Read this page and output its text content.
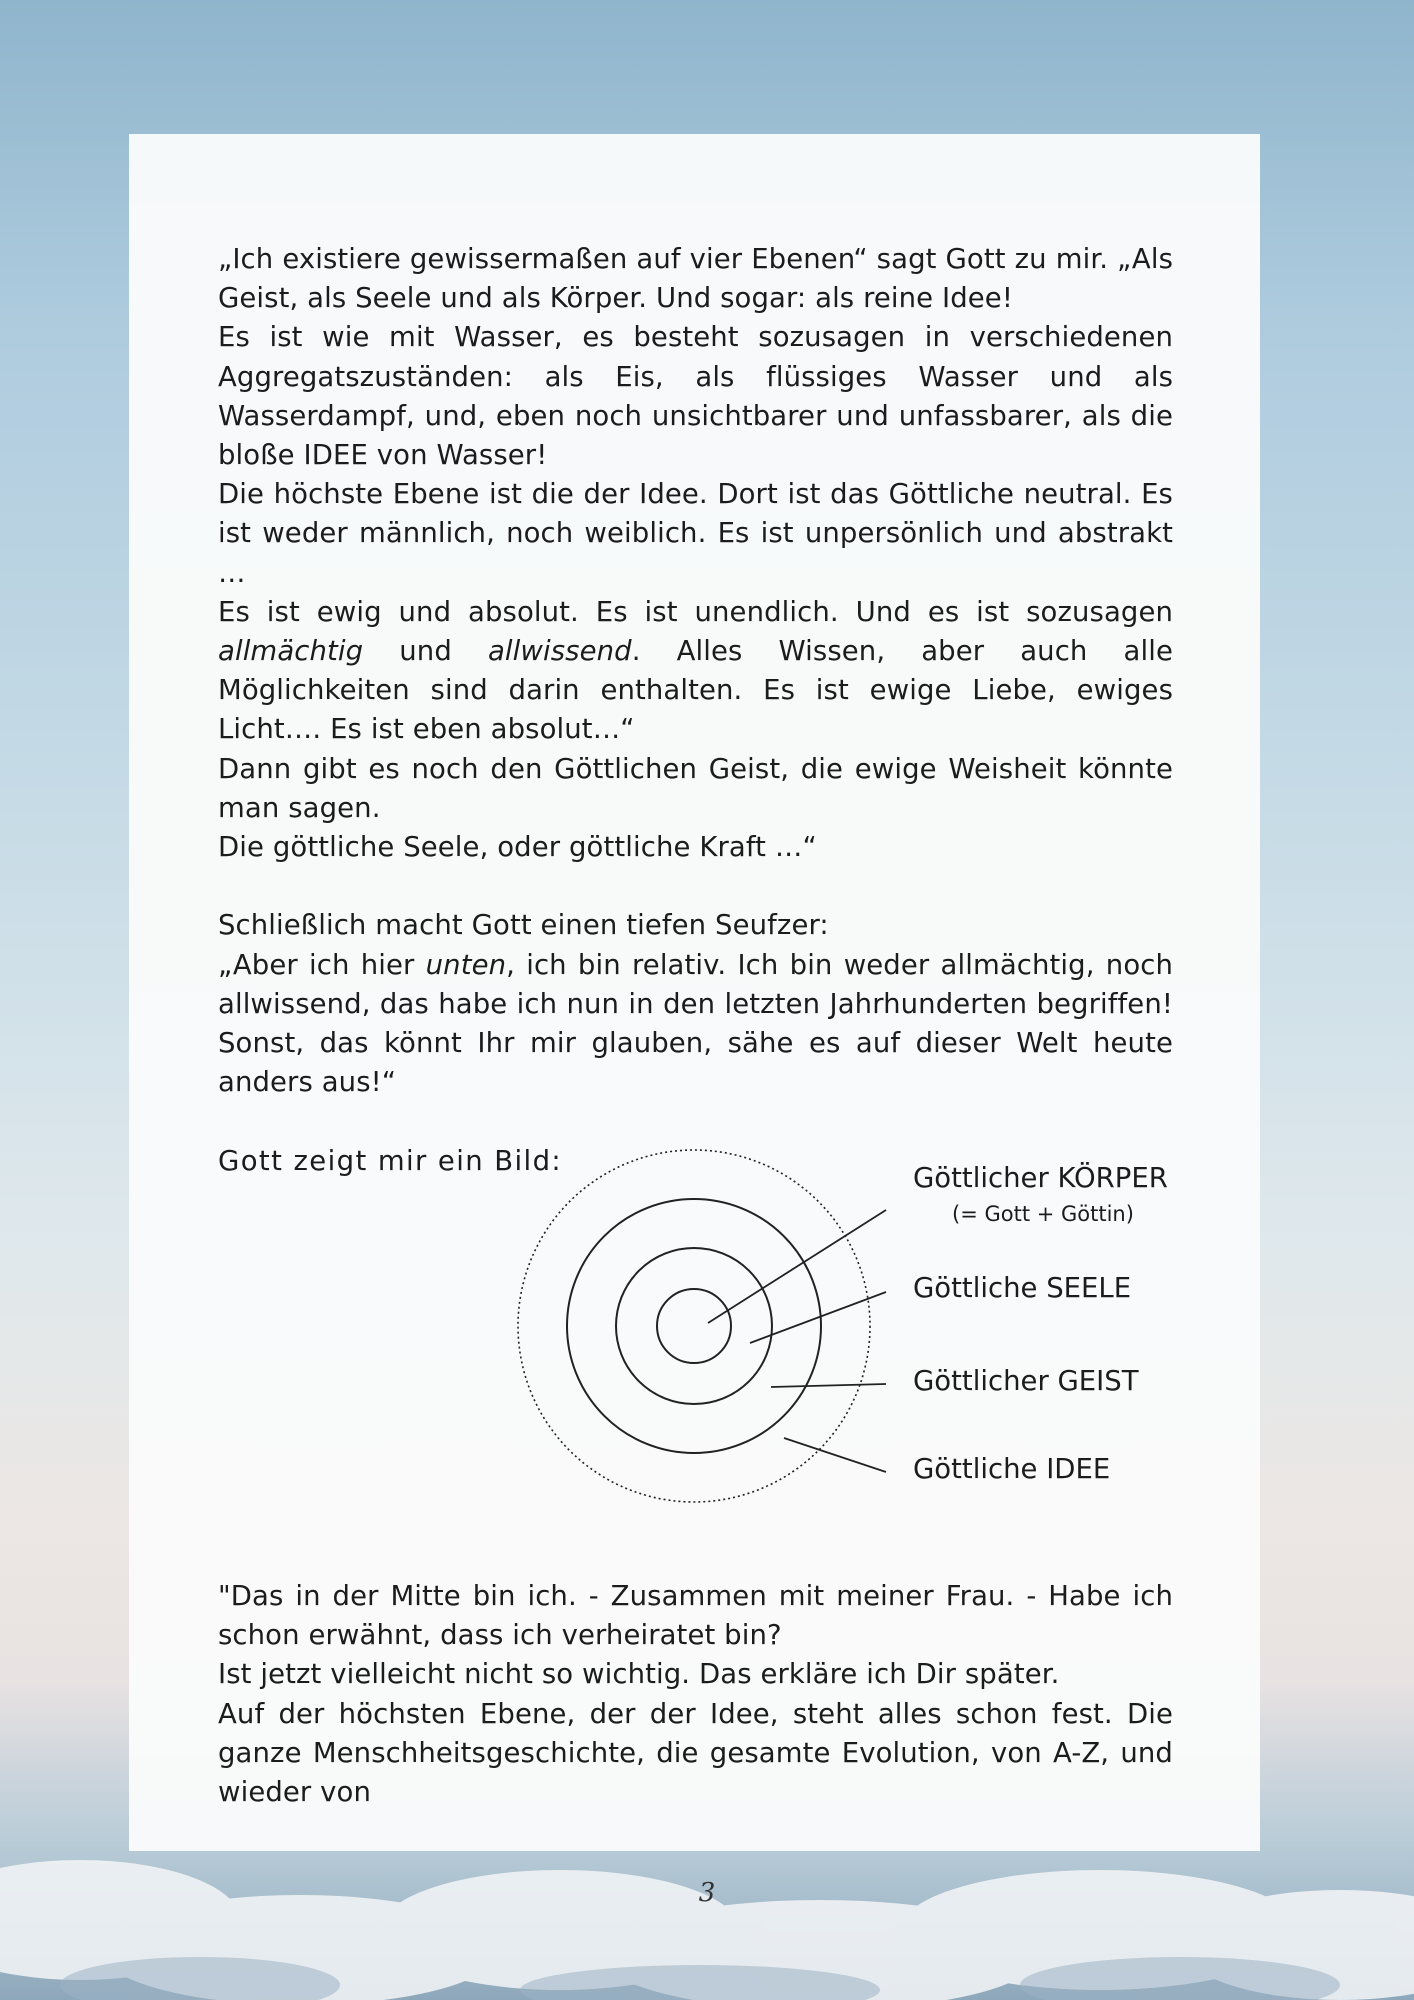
„Ich existiere gewissermaßen auf vier Ebenen“ sagt Gott zu mir. „Als Geist, als Seele und als Körper. Und sogar: als reine Idee!

Es ist wie mit Wasser, es besteht sozusagen in verschiedenen Aggregatszuständen: als Eis, als flüssiges Wasser und als Wasserdampf, und, eben noch unsichtbarer und unfassbarer, als die bloße IDEE von Wasser!

Die höchste Ebene ist die der Idee. Dort ist das Göttliche neutral. Es ist weder männlich, noch weiblich. Es ist unpersönlich und abstrakt …

Es ist ewig und absolut. Es ist unendlich. Und es ist sozusagen allmächtig und allwissend. Alles Wissen, aber auch alle Möglichkeiten sind darin enthalten. Es ist ewige Liebe, ewiges Licht…. Es ist eben absolut…“

Dann gibt es noch den Göttlichen Geist, die ewige Weisheit könnte man sagen.

Die göttliche Seele, oder göttliche Kraft …“

Schließlich macht Gott einen tiefen Seufzer:

„Aber ich hier unten, ich bin relativ. Ich bin weder allmächtig, noch allwissend, das habe ich nun in den letzten Jahrhunderten begriffen! Sonst, das könnt Ihr mir glauben, sähe es auf dieser Welt heute anders aus!“

Gott zeigt mir ein Bild:

Göttlicher KÖRPER
(= Gott + Göttin)
Göttliche SEELE
Göttlicher GEIST
Göttliche IDEE

"Das in der Mitte bin ich. - Zusammen mit meiner Frau. - Habe ich schon erwähnt, dass ich verheiratet bin?

Ist jetzt vielleicht nicht so wichtig. Das erkläre ich Dir später.

Auf der höchsten Ebene, der der Idee, steht alles schon fest. Die ganze Menschheitsgeschichte, die gesamte Evolution, von A-Z, und wieder von

3
